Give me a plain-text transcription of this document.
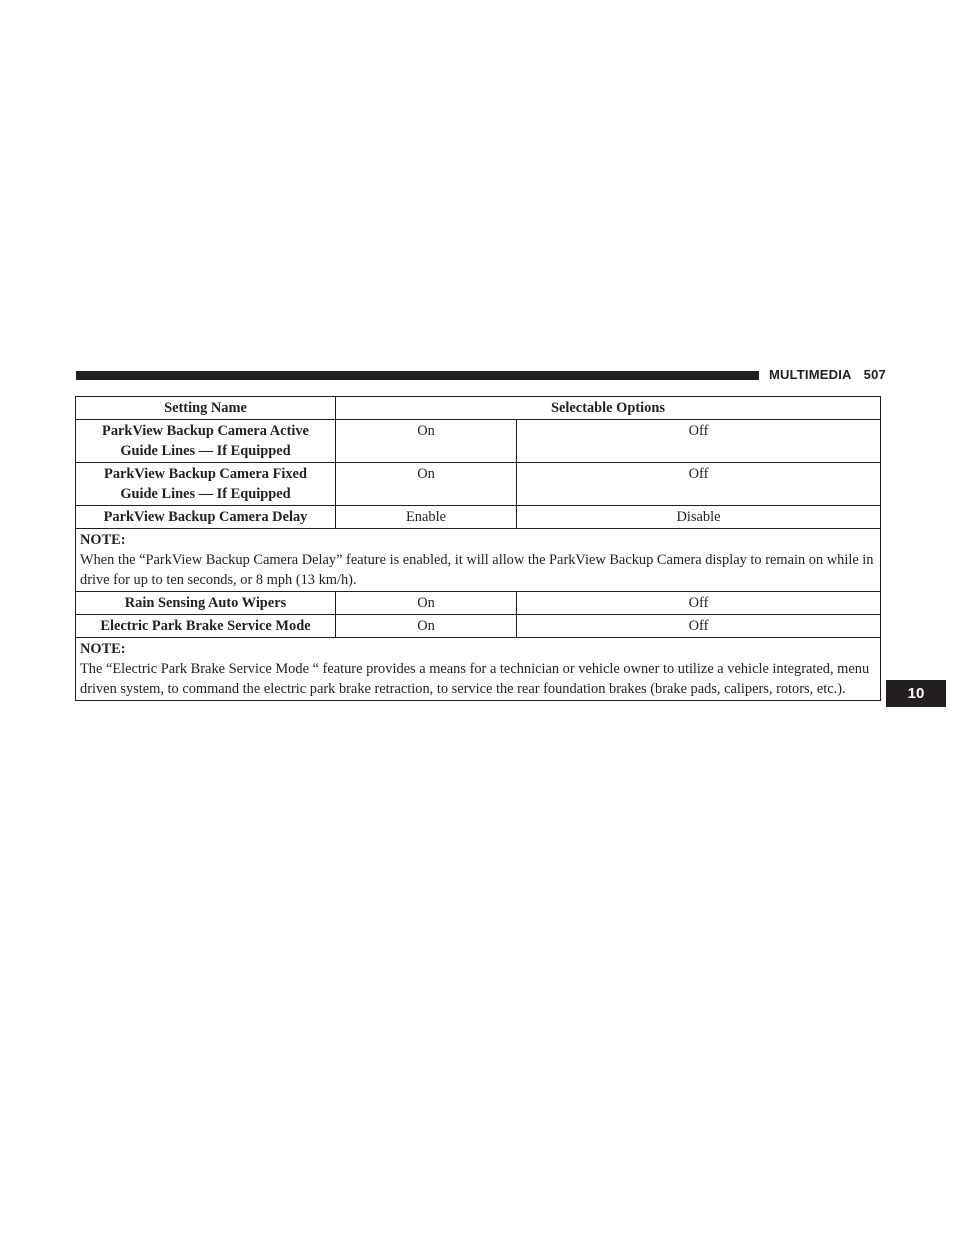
MULTIMEDIA 507
10
Setting Name	Selectable Options	
ParkView Backup Camera Active
Guide Lines — If Equipped	On	Off
ParkView Backup Camera Fixed
Guide Lines — If Equipped	On	Off
ParkView Backup Camera Delay	Enable	Disable

NOTE:
When the “ParkView Backup Camera Delay” feature is enabled, it will allow the ParkView Backup Camera display to remain on while in drive for up to ten seconds, or 8 mph (13 km/h).		
Rain Sensing Auto Wipers	On	Off
Electric Park Brake Service Mode	On	Off

NOTE:
The “Electric Park Brake Service Mode “ feature provides a means for a technician or vehicle owner to utilize a vehicle integrated, menu driven system, to command the electric park brake retraction, to service the rear foundation brakes (brake pads, calipers, rotors, etc.).		
